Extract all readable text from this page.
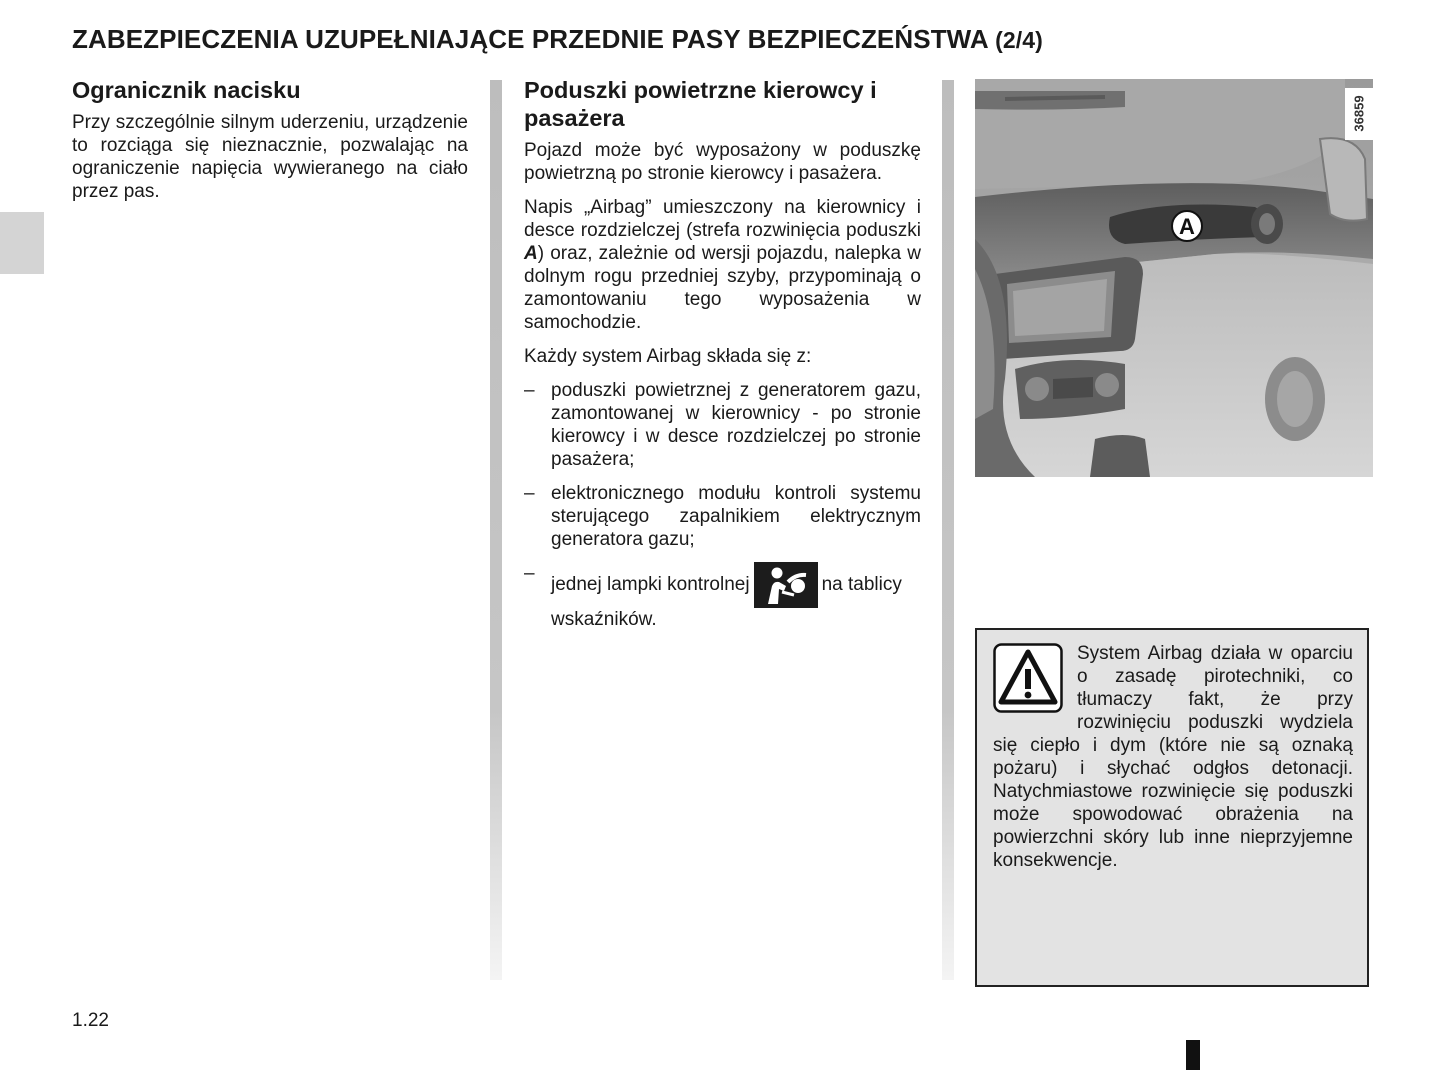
ZABEZPIECZENIA UZUPEŁNIAJĄCE PRZEDNIE PASY BEZPIECZEŃSTWA (2/4)
Ogranicznik nacisku

Przy szczególnie silnym uderzeniu, urządzenie to rozciąga się nieznacznie, pozwalając na ograniczenie napięcia wywieranego na ciało przez pas.

Poduszki powietrzne kierowcy i pasażera

Pojazd może być wyposażony w poduszkę powietrzną po stronie kierowcy i pasażera.

Napis „Airbag” umieszczony na kierownicy i desce rozdzielczej (strefa rozwinięcia poduszki A) oraz, zależnie od wersji pojazdu, nalepka w dolnym rogu przedniej szyby, przypominają o zamontowaniu tego wyposażenia w samochodzie.

Każdy system Airbag składa się z:

– poduszki powietrznej z generatorem gazu, zamontowanej w kierownicy - po stronie kierowcy i w desce rozdzielczej po stronie pasażera;
– elektronicznego modułu kontroli systemu sterującego zapalnikiem elektrycznym generatora gazu;
–
jednej lampki kontrolnej	na tablicy wskaźników.
A
36859
System Airbag działa w oparciu o zasadę pirotechniki, co tłumaczy fakt, że przy rozwinięciu poduszki wydziela się ciepło i dym (które nie są oznaką pożaru) i słychać odgłos detonacji. Natychmiastowe rozwinięcie się poduszki może spowodować obrażenia na powierzchni skóry lub inne nieprzyjemne konsekwencje.
1.22
